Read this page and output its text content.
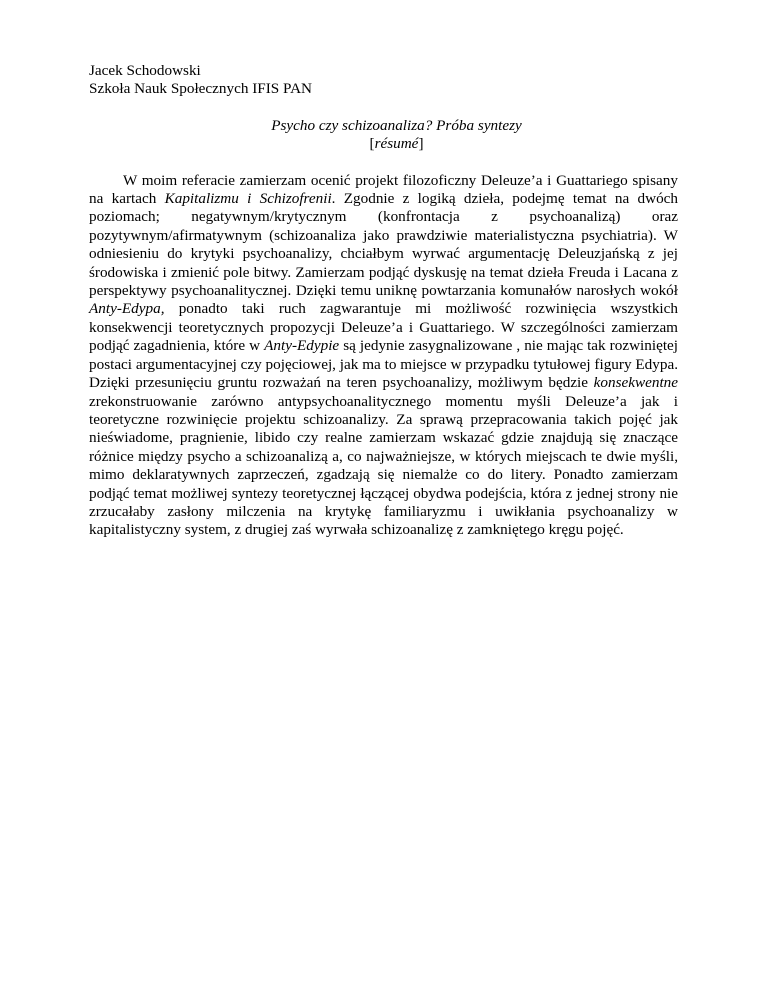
Jacek Schodowski
Szkoła Nauk Społecznych IFIS PAN
Psycho czy schizoanaliza? Próba syntezy
[résumé]

W moim referacie zamierzam ocenić projekt filozoficzny Deleuze’a i Guattariego spisany na kartach Kapitalizmu i Schizofrenii. Zgodnie z logiką dzieła, podejmę temat na dwóch poziomach; negatywnym/krytycznym (konfrontacja z psychoanalizą) oraz pozytywnym/afirmatywnym (schizoanaliza jako prawdziwie materialistyczna psychiatria). W odniesieniu do krytyki psychoanalizy, chciałbym wyrwać argumentację Deleuzjańską z jej środowiska i zmienić pole bitwy. Zamierzam podjąć dyskusję na temat dzieła Freuda i Lacana z perspektywy psychoanalitycznej. Dzięki temu uniknę powtarzania komunałów narosłych wokół Anty-Edypa, ponadto taki ruch zagwarantuje mi możliwość rozwinięcia wszystkich konsekwencji teoretycznych propozycji Deleuze’a i Guattariego. W szczególności zamierzam podjąć zagadnienia, które w Anty-Edypie są jedynie zasygnalizowane , nie mając tak rozwiniętej postaci argumentacyjnej czy pojęciowej, jak ma to miejsce w przypadku tytułowej figury Edypa. Dzięki przesunięciu gruntu rozważań na teren psychoanalizy, możliwym będzie konsekwentne zrekonstruowanie zarówno antypsychoanalitycznego momentu myśli Deleuze’a jak i teoretyczne rozwinięcie projektu schizoanalizy. Za sprawą przepracowania takich pojęć jak nieświadome, pragnienie, libido czy realne zamierzam wskazać gdzie znajdują się znaczące różnice między psycho a schizoanalizą a, co najważniejsze, w których miejscach te dwie myśli, mimo deklaratywnych zaprzeczeń, zgadzają się niemalże co do litery. Ponadto zamierzam podjąć temat możliwej syntezy teoretycznej łączącej obydwa podejścia, która z jednej strony nie zrzucałaby zasłony milczenia na krytykę familiaryzmu i uwikłania psychoanalizy w kapitalistyczny system, z drugiej zaś wyrwała schizoanalizę z zamkniętego kręgu pojęć.
